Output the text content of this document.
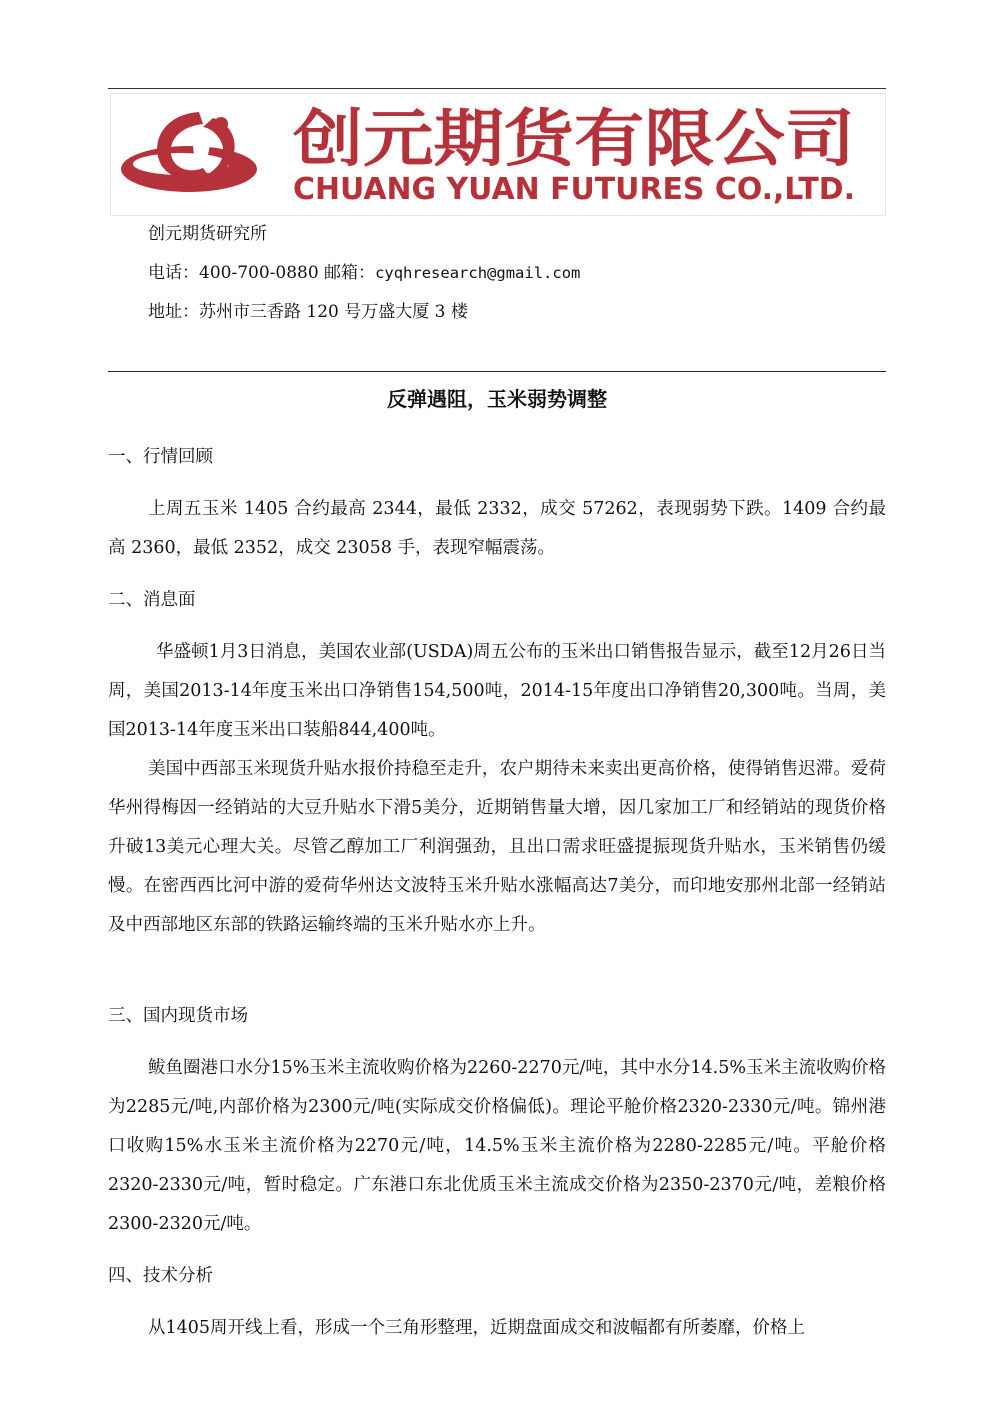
创元期货有限公司
CHUANG YUAN FUTURES CO.,LTD.
创元期货研究所
电话：400-700-0880 邮箱：cyqhresearch@gmail.com
地址：苏州市三香路 120 号万盛大厦 3 楼
反弹遇阻，玉米弱势调整
一、行情回顾

上周五玉米 1405 合约最高 2344，最低 2332，成交 57262，表现弱势下跌。1409 合约最高 2360，最低 2352，成交 23058 手，表现窄幅震荡。

二、消息面

华盛顿1月3日消息，美国农业部(USDA)周五公布的玉米出口销售报告显示，截至12月26日当周，美国2013-14年度玉米出口净销售154,500吨，2014-15年度出口净销售20,300吨。当周，美国2013-14年度玉米出口装船844,400吨。

美国中西部玉米现货升贴水报价持稳至走升，农户期待未来卖出更高价格，使得销售迟滞。爱荷华州得梅因一经销站的大豆升贴水下滑5美分，近期销售量大增，因几家加工厂和经销站的现货价格升破13美元心理大关。尽管乙醇加工厂利润强劲，且出口需求旺盛提振现货升贴水，玉米销售仍缓慢。在密西西比河中游的爱荷华州达文波特玉米升贴水涨幅高达7美分，而印地安那州北部一经销站及中西部地区东部的铁路运输终端的玉米升贴水亦上升。

三、国内现货市场

鲅鱼圈港口水分15%玉米主流收购价格为2260-2270元/吨，其中水分14.5%玉米主流收购价格为2285元/吨,内部价格为2300元/吨(实际成交价格偏低)。理论平舱价格2320-2330元/吨。锦州港口收购15%水玉米主流价格为2270元/吨，14.5%玉米主流价格为2280-2285元/吨。平舱价格2320-2330元/吨，暂时稳定。广东港口东北优质玉米主流成交价格为2350-2370元/吨，差粮价格2300-2320元/吨。

四、技术分析

从1405周开线上看，形成一个三角形整理，近期盘面成交和波幅都有所萎靡，价格上
